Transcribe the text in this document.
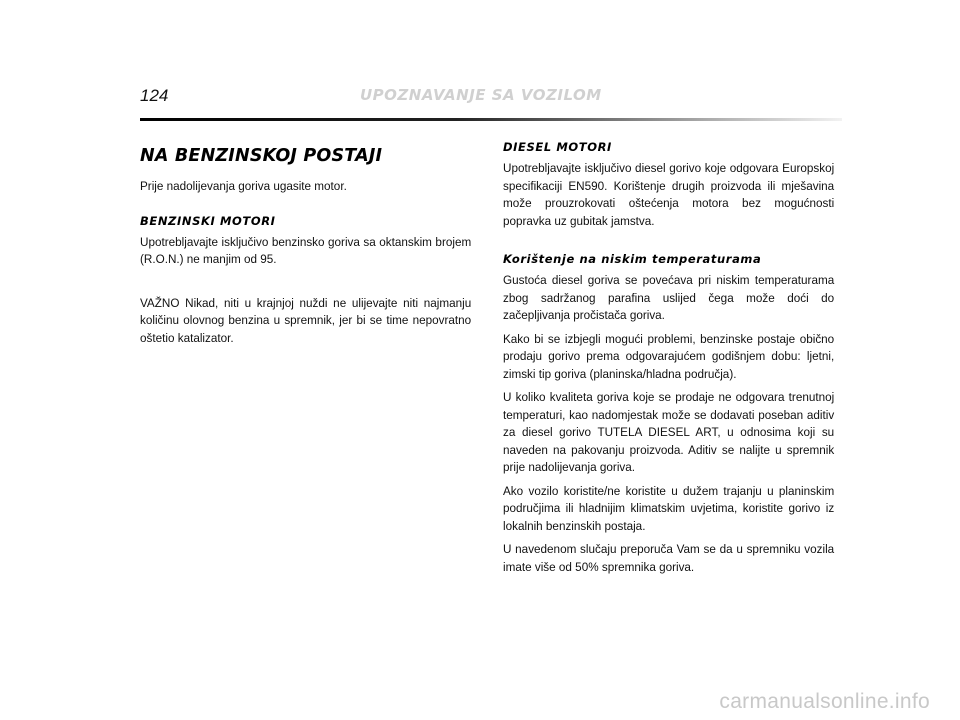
124	UPOZNAVANJE SA VOZILOM
NA BENZINSKOJ POSTAJI

Prije nadolijevanja goriva ugasite motor.

BENZINSKI MOTORI

Upotrebljavajte isključivo benzinsko goriva sa oktanskim brojem (R.O.N.) ne manjim od 95.

VAŽNO Nikad, niti u krajnjoj nuždi ne ulijevajte niti najmanju količinu olovnog benzina u spremnik, jer bi se time nepovratno oštetio katalizator.

DIESEL MOTORI

Upotrebljavajte isključivo diesel gorivo koje odgovara Europskoj specifikaciji EN590. Korištenje drugih proizvoda ili mješavina može prouzrokovati oštećenja motora bez mogućnosti popravka uz gubitak jamstva.

Korištenje na niskim temperaturama

Gustoća diesel goriva se povećava pri niskim temperaturama zbog sadržanog parafina uslijed čega može doći do začepljivanja pročistača goriva.

Kako bi se izbjegli mogući problemi, benzinske postaje obično prodaju gorivo prema odgovarajućem godišnjem dobu: ljetni, zimski tip goriva (planinska/hladna područja).

U koliko kvaliteta goriva koje se prodaje ne odgovara trenutnoj temperaturi, kao nadomjestak može se dodavati poseban aditiv za diesel gorivo TUTELA DIESEL ART, u odnosima koji su naveden na pakovanju proizvoda. Aditiv se nalijte u spremnik prije nadolijevanja goriva.

Ako vozilo koristite/ne koristite u dužem trajanju u planinskim područjima ili hladnijim klimatskim uvjetima, koristite gorivo iz lokalnih benzinskih postaja.

U navedenom slučaju preporuča Vam se da u spremniku vozila imate više od 50% spremnika goriva.

carmanualsonline.info
